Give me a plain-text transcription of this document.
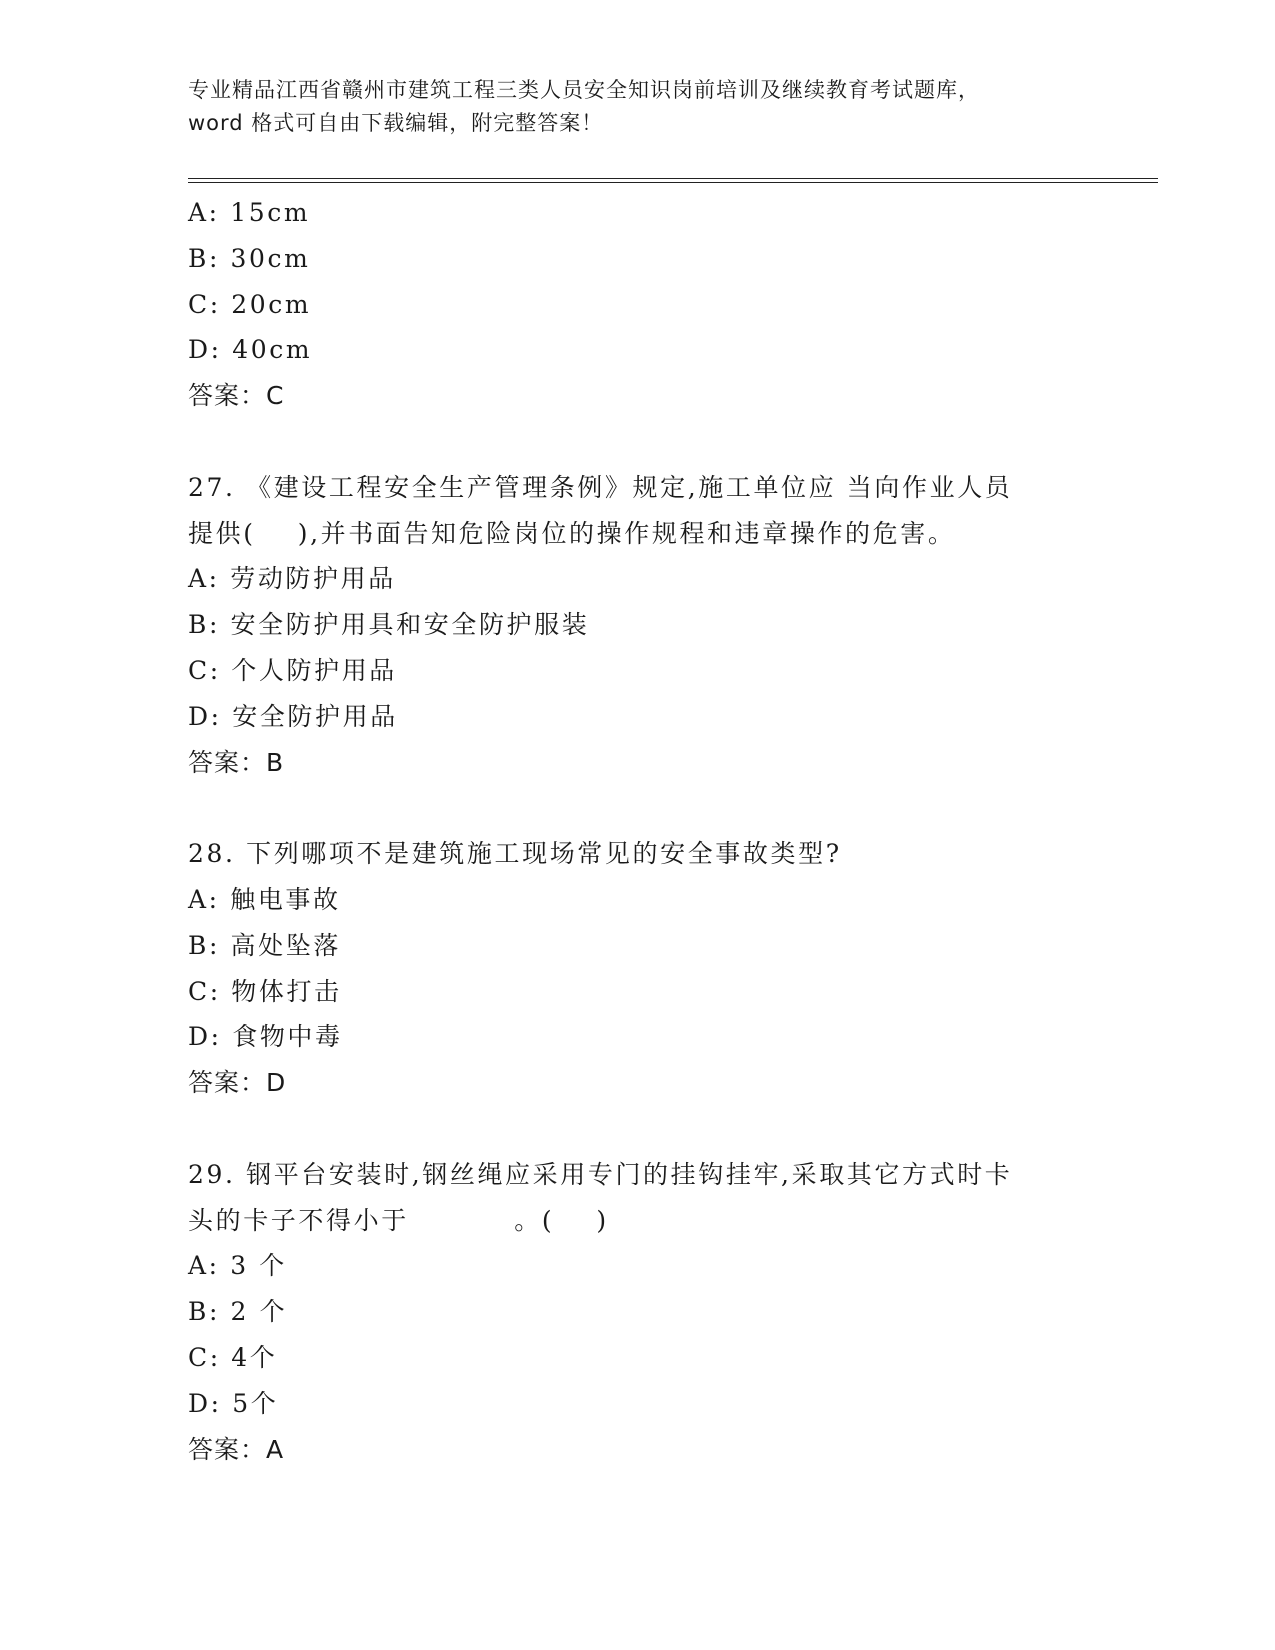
专业精品江西省赣州市建筑工程三类人员安全知识岗前培训及继续教育考试题库，
word 格式可自由下载编辑，附完整答案！
A: 15cm
B: 30cm
C: 20cm
D: 40cm
答案：C
27. 《建设工程安全生产管理条例》规定,施工单位应 当向作业人员
提供(    ),并书面告知危险岗位的操作规程和违章操作的危害。
A: 劳动防护用品
B: 安全防护用具和安全防护服装
C: 个人防护用品
D: 安全防护用品
答案：B
28. 下列哪项不是建筑施工现场常见的安全事故类型?
A: 触电事故
B: 高处坠落
C: 物体打击
D: 食物中毒
答案：D
29. 钢平台安装时,钢丝绳应采用专门的挂钩挂牢,采取其它方式时卡
头的卡子不得小于          。(    )
A: 3 个
B: 2 个
C: 4个
D: 5个
答案：A
